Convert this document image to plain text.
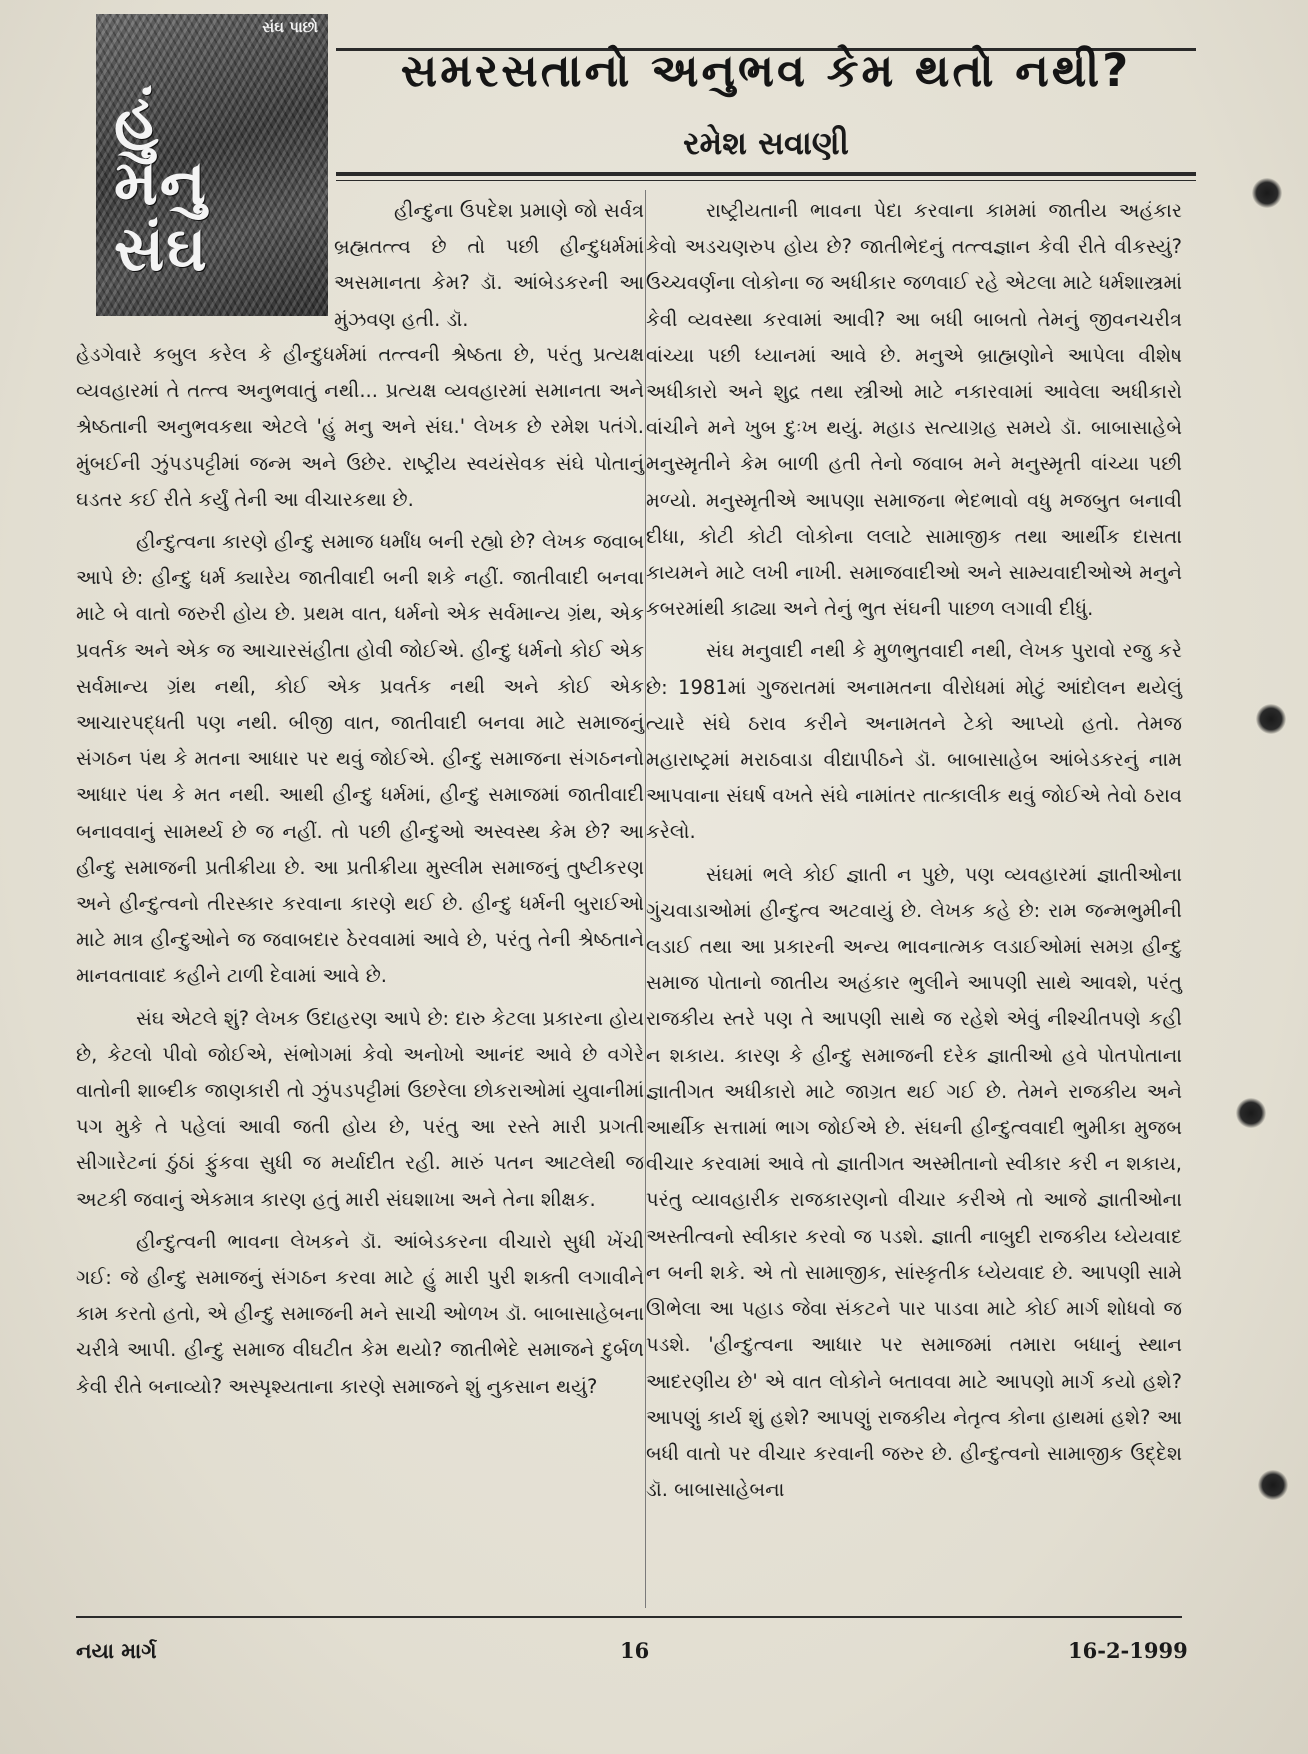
સંઘ પાછો
હું
મનુ
સંઘ
સમરસતાનો અનુભવ કેમ થતો નથી?
રમેશ સવાણી

હીન્દુના ઉપદેશ પ્રમાણે જો સર્વત્ર બ્રહ્મતત્ત્વ છે તો પછી હીન્દુધર્મમાં અસમાનતા કેમ? ડૉ. આંબેડકરની આ મુંઝવણ હતી. ડૉ.

હેડગેવારે કબુલ કરેલ કે હીન્દુધર્મમાં તત્ત્વની શ્રેષ્ઠતા છે, પરંતુ પ્રત્યક્ષ વ્યવહારમાં તે તત્ત્વ અનુભવાતું નથી... પ્રત્યક્ષ વ્યવહારમાં સમાનતા અને શ્રેષ્ઠતાની અનુભવકથા એટલે 'હું મનુ અને સંઘ.' લેખક છે રમેશ પતંગે. મુંબઈની ઝુંપડપટ્ટીમાં જન્મ અને ઉછેર. રાષ્ટ્રીય સ્વયંસેવક સંઘે પોતાનું ઘડતર કઈ રીતે કર્યું તેની આ વીચારકથા છે.

હીન્દુત્વના કારણે હીન્દુ સમાજ ધર્માંધ બની રહ્યો છે? લેખક જવાબ આપે છે: હીન્દુ ધર્મ ક્યારેય જાતીવાદી બની શકે નહીં. જાતીવાદી બનવા માટે બે વાતો જરુરી હોય છે. પ્રથમ વાત, ધર્મનો એક સર્વમાન્ય ગ્રંથ, એક પ્રવર્તક અને એક જ આચારસંહીતા હોવી જોઈએ. હીન્દુ ધર્મનો કોઈ એક સર્વમાન્ય ગ્રંથ નથી, કોઈ એક પ્રવર્તક નથી અને કોઈ એક આચારપદ્ધતી પણ નથી. બીજી વાત, જાતીવાદી બનવા માટે સમાજનું સંગઠન પંથ કે મતના આધાર પર થવું જોઈએ. હીન્દુ સમાજના સંગઠનનો આધાર પંથ કે મત નથી. આથી હીન્દુ ધર્મમાં, હીન્દુ સમાજમાં જાતીવાદી બનાવવાનું સામર્થ્ય છે જ નહીં. તો પછી હીન્દુઓ અસ્વસ્થ કેમ છે? આ હીન્દુ સમાજની પ્રતીક્રીયા છે. આ પ્રતીક્રીયા મુસ્લીમ સમાજનું તુષ્ટીકરણ અને હીન્દુત્વનો તીરસ્કાર કરવાના કારણે થઈ છે. હીન્દુ ધર્મની બુરાઈઓ માટે માત્ર હીન્દુઓને જ જવાબદાર ઠેરવવામાં આવે છે, પરંતુ તેની શ્રેષ્ઠતાને માનવતાવાદ કહીને ટાળી દેવામાં આવે છે.

સંઘ એટલે શું? લેખક ઉદાહરણ આપે છે: દારુ કેટલા પ્રકારના હોય છે, કેટલો પીવો જોઈએ, સંભોગમાં કેવો અનોખો આનંદ આવે છે વગેરે વાતોની શાબ્દીક જાણકારી તો ઝુંપડપટ્ટીમાં ઉછરેલા છોકરાઓમાં યુવાનીમાં પગ મુકે તે પહેલાં આવી જતી હોય છે, પરંતુ આ રસ્તે મારી પ્રગતી સીગારેટનાં ઠુંઠાં ફુંકવા સુધી જ મર્યાદીત રહી. મારું પતન આટલેથી જ અટકી જવાનું એકમાત્ર કારણ હતું મારી સંઘશાખા અને તેના શીક્ષક.

હીન્દુત્વની ભાવના લેખકને ડૉ. આંબેડકરના વીચારો સુધી ખેંચી ગઈ: જે હીન્દુ સમાજનું સંગઠન કરવા માટે હું મારી પુરી શક્તી લગાવીને કામ કરતો હતો, એ હીન્દુ સમાજની મને સાચી ઓળખ ડૉ. બાબાસાહેબના ચરીત્રે આપી. હીન્દુ સમાજ વીઘટીત કેમ થયો? જાતીભેદે સમાજને દુર્બળ કેવી રીતે બનાવ્યો? અસ્પૃશ્યતાના કારણે સમાજને શું નુકસાન થયું?

રાષ્ટ્રીયતાની ભાવના પેદા કરવાના કામમાં જાતીય અહંકાર કેવો અડચણરુપ હોય છે? જાતીભેદનું તત્ત્વજ્ઞાન કેવી રીતે વીકસ્યું? ઉચ્ચવર્ણના લોકોના જ અધીકાર જળવાઈ રહે એટલા માટે ધર્મશાસ્ત્રમાં કેવી વ્યવસ્થા કરવામાં આવી? આ બધી બાબતો તેમનું જીવનચરીત્ર વાંચ્યા પછી ધ્યાનમાં આવે છે. મનુએ બ્રાહ્મણોને આપેલા વીશેષ અધીકારો અને શુદ્ર તથા સ્ત્રીઓ માટે નકારવામાં આવેલા અધીકારો વાંચીને મને ખુબ દુઃખ થયું. મહાડ સત્યાગ્રહ સમયે ડૉ. બાબાસાહેબે મનુસ્મૃતીને કેમ બાળી હતી તેનો જવાબ મને મનુસ્મૃતી વાંચ્યા પછી મળ્યો. મનુસ્મૃતીએ આપણા સમાજના ભેદભાવો વધુ મજબુત બનાવી દીધા, કોટી કોટી લોકોના લલાટે સામાજીક તથા આર્થીક દાસતા કાયમને માટે લખી નાખી. સમાજવાદીઓ અને સામ્યવાદીઓએ મનુને કબરમાંથી કાઢ્યા અને તેનું ભુત સંઘની પાછળ લગાવી દીધું.

સંઘ મનુવાદી નથી કે મુળભુતવાદી નથી, લેખક પુરાવો રજુ કરે છે: 1981માં ગુજરાતમાં અનામતના વીરોધમાં મોટું આંદોલન થયેલું ત્યારે સંઘે ઠરાવ કરીને અનામતને ટેકો આપ્યો હતો. તેમજ મહારાષ્ટ્રમાં મરાઠવાડા વીદ્યાપીઠને ડૉ. બાબાસાહેબ આંબેડકરનું નામ આપવાના સંઘર્ષ વખતે સંઘે નામાંતર તાત્કાલીક થવું જોઈએ તેવો ઠરાવ કરેલો.

સંઘમાં ભલે કોઈ જ્ઞાતી ન પુછે, પણ વ્યવહારમાં જ્ઞાતીઓના ગુંચવાડાઓમાં હીન્દુત્વ અટવાયું છે. લેખક કહે છે: રામ જન્મભુમીની લડાઈ તથા આ પ્રકારની અન્ય ભાવનાત્મક લડાઈઓમાં સમગ્ર હીન્દુ સમાજ પોતાનો જાતીય અહંકાર ભુલીને આપણી સાથે આવશે, પરંતુ રાજકીય સ્તરે પણ તે આપણી સાથે જ રહેશે એવું નીશ્ચીતપણે કહી ન શકાય. કારણ કે હીન્દુ સમાજની દરેક જ્ઞાતીઓ હવે પોતપોતાના જ્ઞાતીગત અધીકારો માટે જાગ્રત થઈ ગઈ છે. તેમને રાજકીય અને આર્થીક સત્તામાં ભાગ જોઈએ છે. સંઘની હીન્દુત્વવાદી ભુમીકા મુજબ વીચાર કરવામાં આવે તો જ્ઞાતીગત અસ્મીતાનો સ્વીકાર કરી ન શકાય, પરંતુ વ્યાવહારીક રાજકારણનો વીચાર કરીએ તો આજે જ્ઞાતીઓના અસ્તીત્વનો સ્વીકાર કરવો જ પડશે. જ્ઞાતી નાબુદી રાજકીય ધ્યેયવાદ ન બની શકે. એ તો સામાજીક, સાંસ્કૃતીક ધ્યેયવાદ છે. આપણી સામે ઊભેલા આ પહાડ જેવા સંકટને પાર પાડવા માટે કોઈ માર્ગ શોધવો જ પડશે. 'હીન્દુત્વના આધાર પર સમાજમાં તમારા બધાનું સ્થાન આદરણીય છે' એ વાત લોકોને બતાવવા માટે આપણો માર્ગ કયો હશે? આપણું કાર્ય શું હશે? આપણું રાજકીય નેતૃત્વ કોના હાથમાં હશે? આ બધી વાતો પર વીચાર કરવાની જરુર છે. હીન્દુત્વનો સામાજીક ઉદ્દેશ ડૉ. બાબાસાહેબના

નયા માર્ગ	16	16-2-1999
